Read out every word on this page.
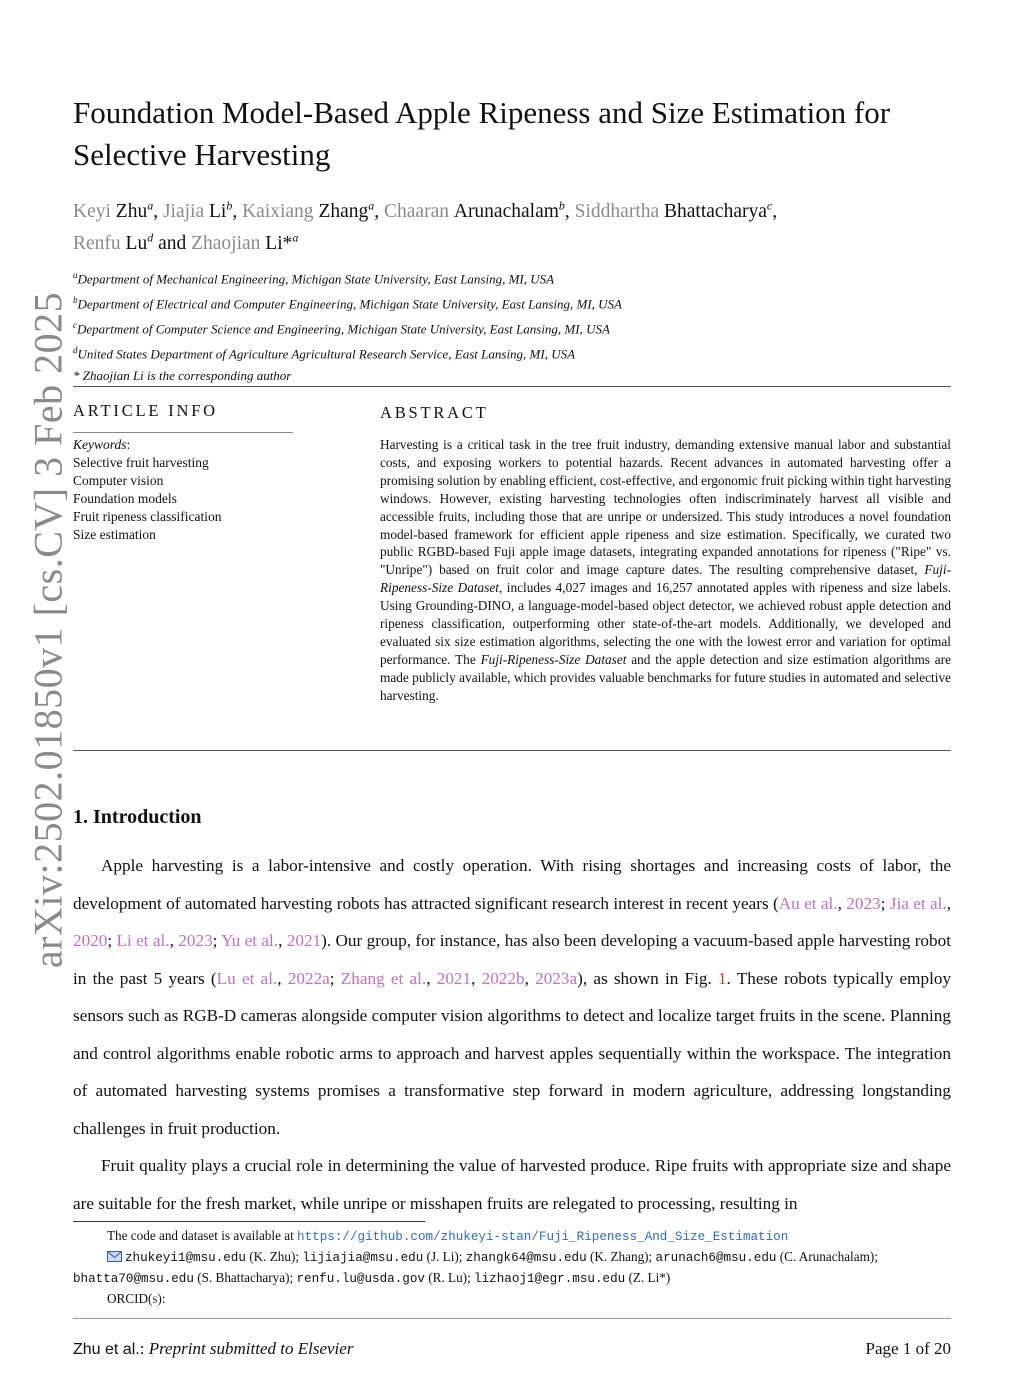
arXiv:2502.01850v1 [cs.CV] 3 Feb 2025
Foundation Model-Based Apple Ripeness and Size Estimation for Selective Harvesting
Keyi Zhu$^a$, Jiajia Li$^b$, Kaixiang Zhang$^a$, Chaaran Arunachalam$^b$, Siddhartha Bhattacharya$^c$,
Renfu Lu$^d$ and Zhaojian Li*$^a$
$^a$Department of Mechanical Engineering, Michigan State University, East Lansing, MI, USA
$^b$Department of Electrical and Computer Engineering, Michigan State University, East Lansing, MI, USA
$^c$Department of Computer Science and Engineering, Michigan State University, East Lansing, MI, USA
$^d$United States Department of Agriculture Agricultural Research Service, East Lansing, MI, USA
* Zhaojian Li is the corresponding author
ARTICLE INFO
Keywords:
Selective fruit harvesting
Computer vision
Foundation models
Fruit ripeness classification
Size estimation
ABSTRACT
Harvesting is a critical task in the tree fruit industry, demanding extensive manual labor and substantial costs, and exposing workers to potential hazards. Recent advances in automated harvesting offer a promising solution by enabling efficient, cost-effective, and ergonomic fruit picking within tight harvesting windows. However, existing harvesting technologies often indiscriminately harvest all visible and accessible fruits, including those that are unripe or undersized. This study introduces a novel foundation model-based framework for efficient apple ripeness and size estimation. Specifically, we curated two public RGBD-based Fuji apple image datasets, integrating expanded annotations for ripeness ("Ripe" vs. "Unripe") based on fruit color and image capture dates. The resulting comprehensive dataset, Fuji-Ripeness-Size Dataset, includes 4,027 images and 16,257 annotated apples with ripeness and size labels. Using Grounding-DINO, a language-model-based object detector, we achieved robust apple detection and ripeness classification, outperforming other state-of-the-art models. Additionally, we developed and evaluated six size estimation algorithms, selecting the one with the lowest error and variation for optimal performance. The Fuji-Ripeness-Size Dataset and the apple detection and size estimation algorithms are made publicly available, which provides valuable benchmarks for future studies in automated and selective harvesting.
1. Introduction

Apple harvesting is a labor-intensive and costly operation. With rising shortages and increasing costs of labor, the development of automated harvesting robots has attracted significant research interest in recent years (Au et al., 2023; Jia et al., 2020; Li et al., 2023; Yu et al., 2021). Our group, for instance, has also been developing a vacuum-based apple harvesting robot in the past 5 years (Lu et al., 2022a; Zhang et al., 2021, 2022b, 2023a), as shown in Fig. 1. These robots typically employ sensors such as RGB-D cameras alongside computer vision algorithms to detect and localize target fruits in the scene. Planning and control algorithms enable robotic arms to approach and harvest apples sequentially within the workspace. The integration of automated harvesting systems promises a transformative step forward in modern agriculture, addressing longstanding challenges in fruit production.

Fruit quality plays a crucial role in determining the value of harvested produce. Ripe fruits with appropriate size and shape are suitable for the fresh market, while unripe or misshapen fruits are relegated to processing, resulting in

The code and dataset is available at https://github.com/zhukeyi-stan/Fuji_Ripeness_And_Size_Estimation
zhukeyi1@msu.edu (K. Zhu); lijiajia@msu.edu (J. Li); zhangk64@msu.edu (K. Zhang); arunach6@msu.edu (C. Arunachalam);
bhatta70@msu.edu (S. Bhattacharya); renfu.lu@usda.gov (R. Lu); lizhaoj1@egr.msu.edu (Z. Li*)
ORCID(s):
Zhu et al.: Preprint submitted to Elsevier	Page 1 of 20
